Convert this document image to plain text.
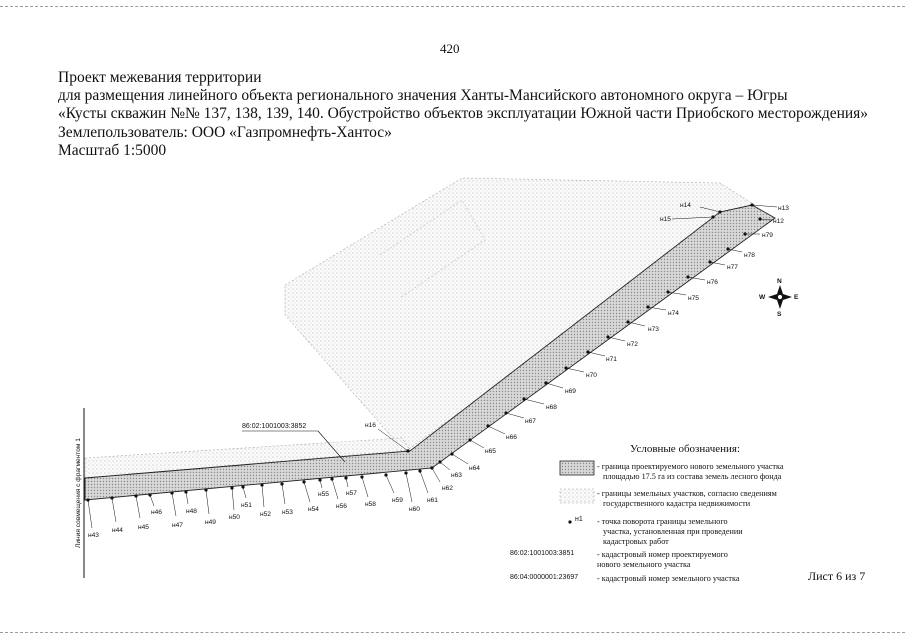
420
Проект межевания территории
для размещения линейного объекта регионального значения Ханты-Мансийского автономного округа – Югры
«Кусты скважин №№ 137, 138, 139, 140. Обустройство объектов эксплуатации Южной части Приобского месторождения»
Землепользователь: ООО «Газпромнефть-Хантос»
Масштаб 1:5000
Линия совмещения с фрагментом 1
86:02:1001003:3852
н43
н44 н45
н46
н47
н48
н49
н50
н51
н52 н53 н54
н55
н56
н57
н58
н59
н60
н61
н62
н63
н64
н65
н66
н67
н68
н69
н70
н71
н72
н73
н74
н75
н76
н77
н78
н79
н12
н13
н14
н15
н16
N
S
E
W
Условные обозначения:
- граница проектируемого нового земельного участка
площадью 17.5 га из состава земель лесного фонда
- границы земельных участков, согласно сведениям
государственного кадастра недвижимости
н1 - точка поворота границы земельного
участка, установленная при проведении
кадастровых работ
86:02:1001003:3851	- кадастровый номер проектируемого
нового земельного участка
86:04:0000001:23697 - кадастровый номер земельного участка	Лист 6 из 7
